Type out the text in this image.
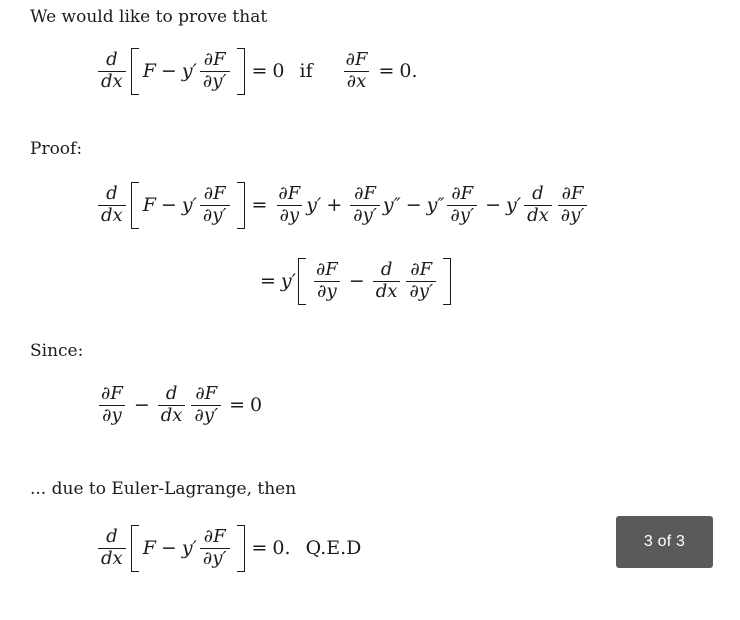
We would like to prove that

$\frac{d}{dx}$ $F - y' \frac{\partial F}{\partial y'} = 0$ if $\frac{\partial F}{\partial x} = 0$.

Proof:

$\frac{d}{dx}$ $F - y' \frac{\partial F}{\partial y'} = \frac{\partial F}{\partial y} y' + \frac{\partial F}{\partial y'} y'' - y'' \frac{\partial F}{\partial y'} - y' \frac{d}{dx} \frac{\partial F}{\partial y'}$
= $y' \frac{\partial F}{\partial y} - \frac{d}{dx} \frac{\partial F}{\partial y'}$

Since:

$\frac{\partial F}{\partial y} - \frac{d}{dx} \frac{\partial F}{\partial y'} = 0$

... due to Euler-Lagrange, then

$\frac{d}{dx}$ $F - y' \frac{\partial F}{\partial y'} = 0$. Q.E.D	3 of 3
